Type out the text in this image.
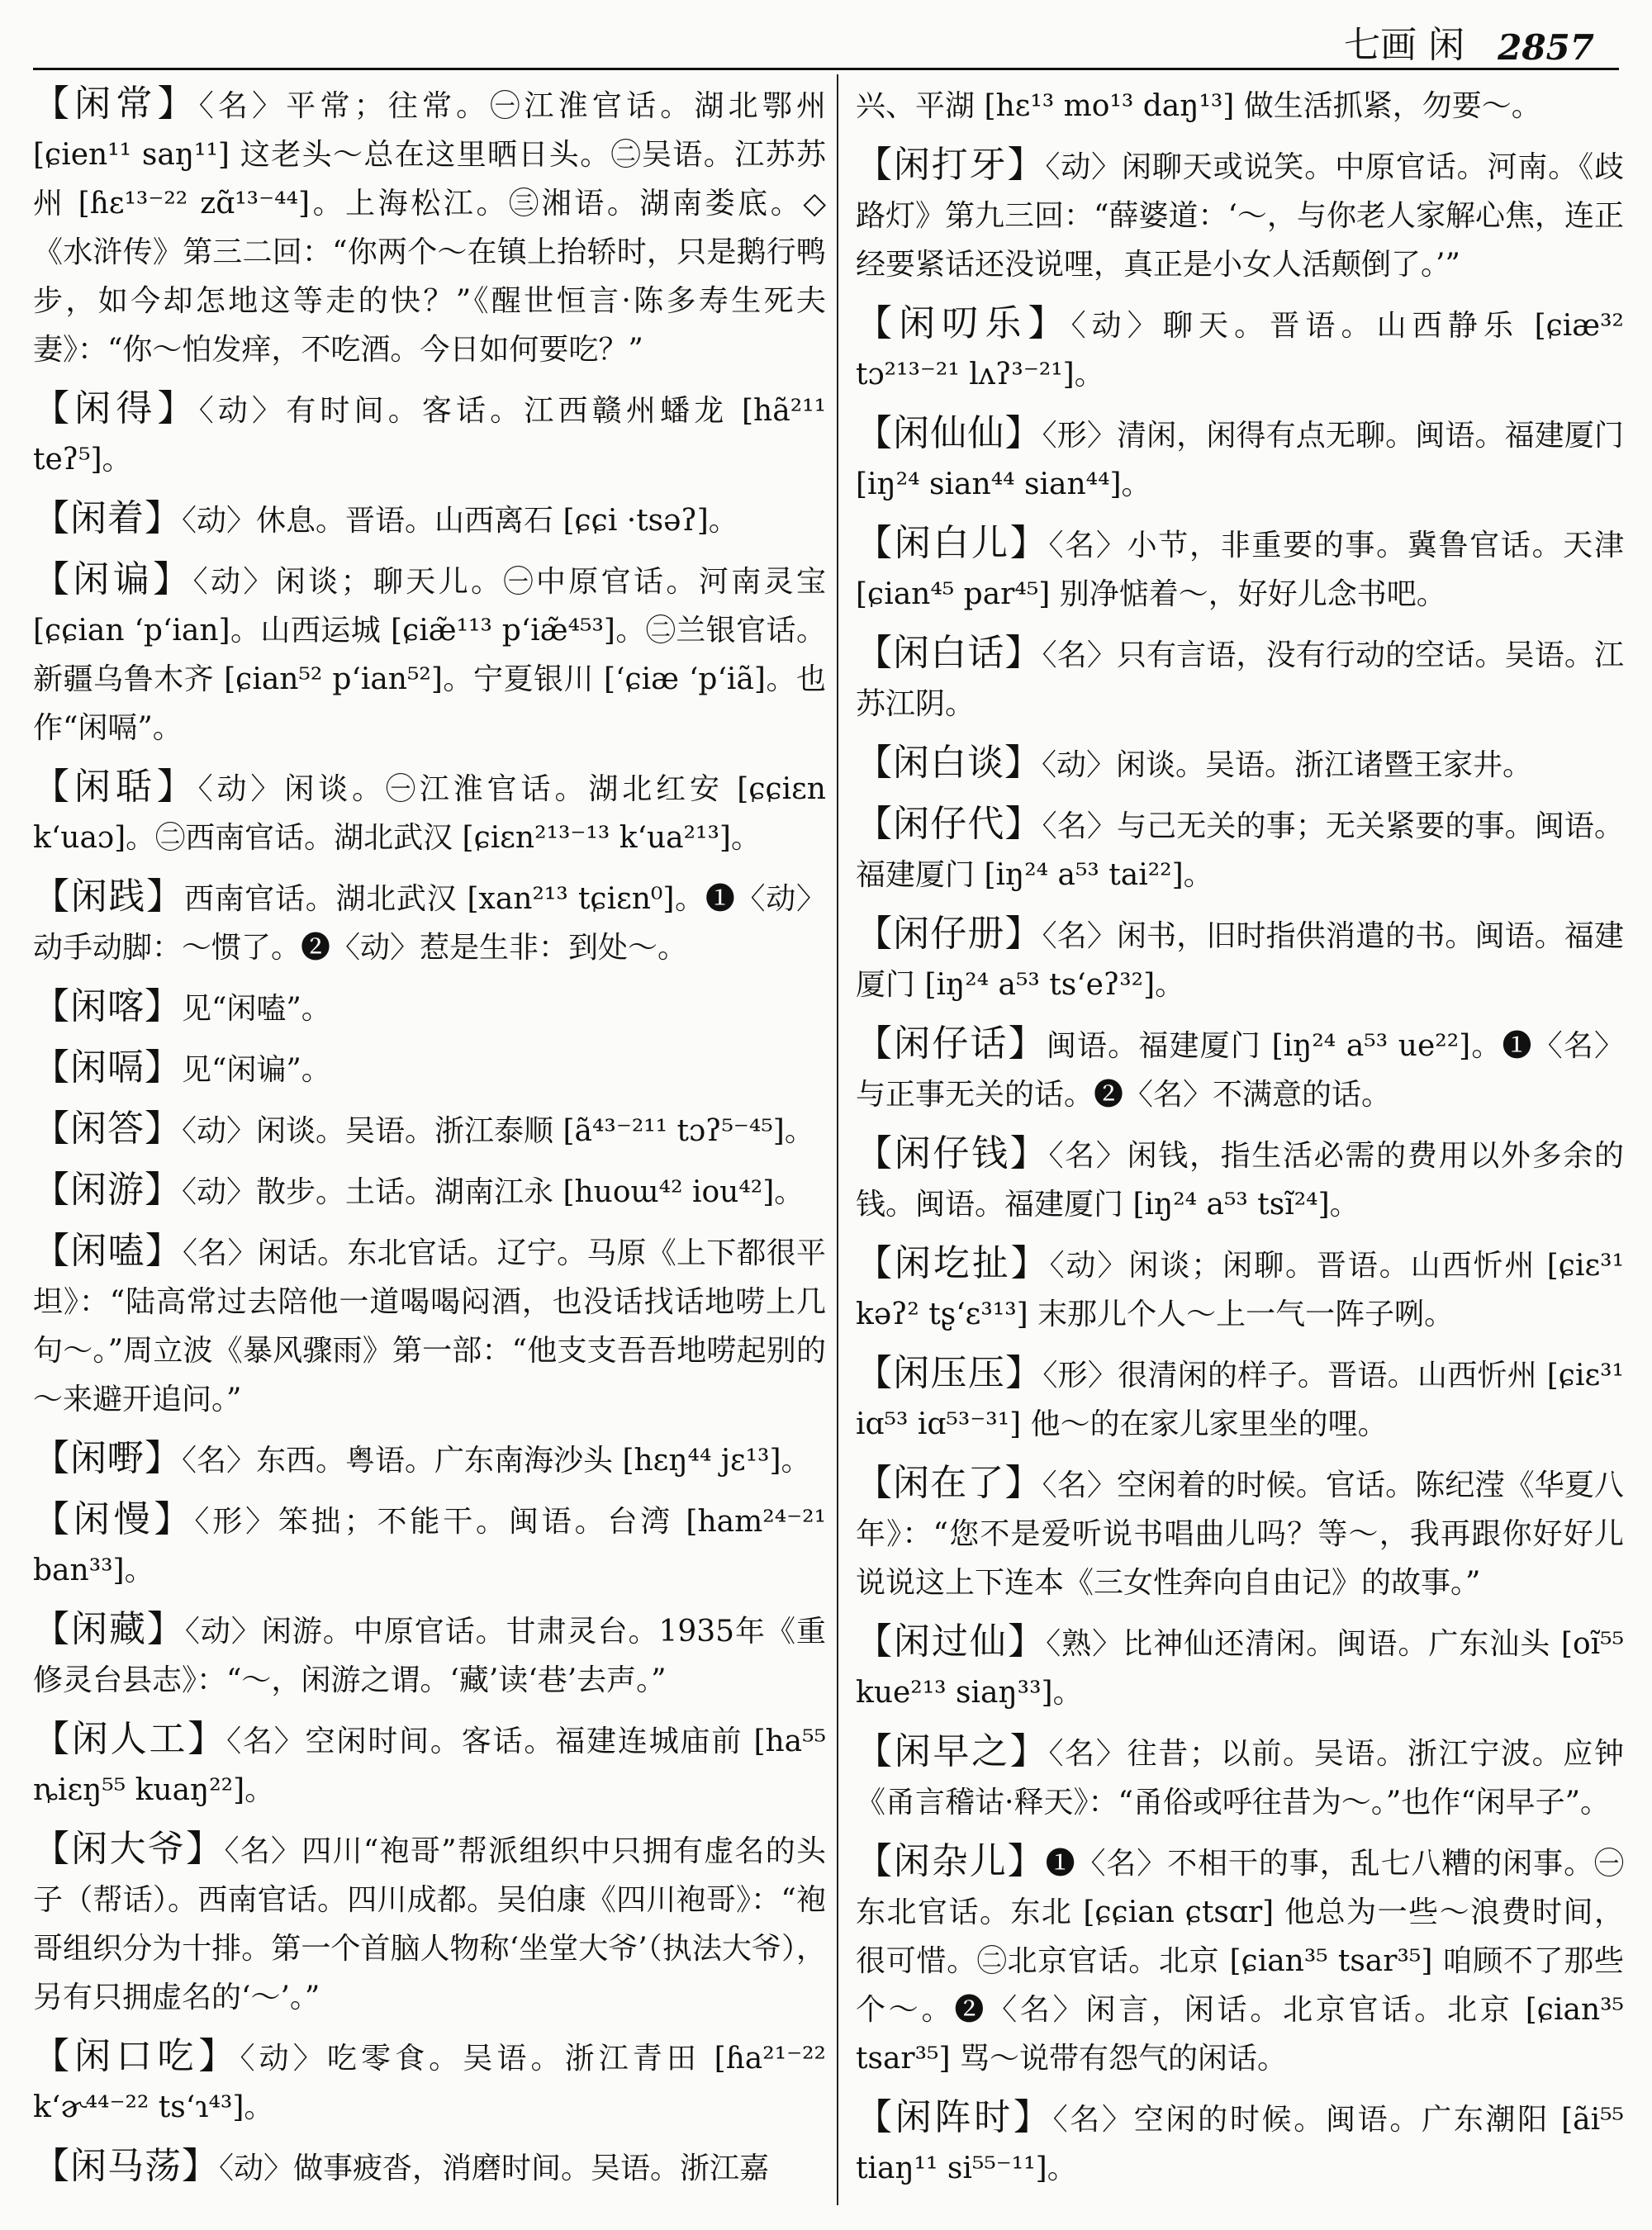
七画 闲 2857
【闲常】〈名〉平常；往常。㊀江淮官话。湖北鄂州 [ɕien¹¹ saŋ¹¹] 这老头～总在这里晒日头。㊁吴语。江苏苏州 [ɦɛ¹³⁻²² zɑ̃¹³⁻⁴⁴]。上海松江。㊂湘语。湖南娄底。◇《水浒传》第三二回：“你两个～在镇上抬轿时，只是鹅行鸭步，如今却怎地这等走的快？”《醒世恒言·陈多寿生死夫妻》：“你～怕发痒，不吃酒。今日如何要吃？”
【闲得】〈动〉有时间。客话。江西赣州蟠龙 [hã²¹¹ teʔ⁵]。
【闲着】〈动〉休息。晋语。山西离石 [ɕɕi ·tsəʔ]。
【闲谝】〈动〉闲谈；聊天儿。㊀中原官话。河南灵宝 [ɕɕian ʻpʻian]。山西运城 [ɕiæ̃¹¹³ pʻiæ̃⁴⁵³]。㊁兰银官话。新疆乌鲁木齐 [ɕian⁵² pʻian⁵²]。宁夏银川 [ʻɕiæ ʻpʻiã]。也作“闲嗝”。
【闲聒】〈动〉闲谈。㊀江淮官话。湖北红安 [ɕɕiɛn kʻuaɔ]。㊁西南官话。湖北武汉 [ɕiɛn²¹³⁻¹³ kʻua²¹³]。
【闲践】西南官话。湖北武汉 [xan²¹³ tɕiɛn⁰]。❶〈动〉动手动脚：～惯了。❷〈动〉惹是生非：到处～。
【闲喀】见“闲嗑”。
【闲嗝】见“闲谝”。
【闲答】〈动〉闲谈。吴语。浙江泰顺 [ã⁴³⁻²¹¹ tɔʔ⁵⁻⁴⁵]。
【闲游】〈动〉散步。土话。湖南江永 [huoɯ⁴² iou⁴²]。
【闲嗑】〈名〉闲话。东北官话。辽宁。马原《上下都很平坦》：“陆高常过去陪他一道喝喝闷酒，也没话找话地唠上几句～。”周立波《暴风骤雨》第一部：“他支支吾吾地唠起别的～来避开追问。”
【闲嘢】〈名〉东西。粤语。广东南海沙头 [hɛŋ⁴⁴ jɛ¹³]。
【闲慢】〈形〉笨拙；不能干。闽语。台湾 [ham²⁴⁻²¹ ban³³]。
【闲藏】〈动〉闲游。中原官话。甘肃灵台。1935年《重修灵台县志》：“～，闲游之谓。‘藏’读‘巷’去声。”
【闲人工】〈名〉空闲时间。客话。福建连城庙前 [ha⁵⁵ ȵiɛŋ⁵⁵ kuaŋ²²]。
【闲大爷】〈名〉四川“袍哥”帮派组织中只拥有虚名的头子（帮话）。西南官话。四川成都。吴伯康《四川袍哥》：“袍哥组织分为十排。第一个首脑人物称‘坐堂大爷’（执法大爷），另有只拥虚名的‘～’。”
【闲口吃】〈动〉吃零食。吴语。浙江青田 [ɦa²¹⁻²² kʻɚ⁴⁴⁻²² tsʻɿ⁴³]。
【闲马荡】〈动〉做事疲沓，消磨时间。吴语。浙江嘉
兴、平湖 [hɛ¹³ mo¹³ daŋ¹³] 做生活抓紧，勿要～。
【闲打牙】〈动〉闲聊天或说笑。中原官话。河南。《歧路灯》第九三回：“薛婆道：‘～，与你老人家解心焦，连正经要紧话还没说哩，真正是小女人活颠倒了。’”
【闲叨乐】〈动〉聊天。晋语。山西静乐 [ɕiæ³² tɔ²¹³⁻²¹ lʌʔ³⁻²¹]。
【闲仙仙】〈形〉清闲，闲得有点无聊。闽语。福建厦门 [iŋ²⁴ sian⁴⁴ sian⁴⁴]。
【闲白儿】〈名〉小节，非重要的事。冀鲁官话。天津 [ɕian⁴⁵ par⁴⁵] 别净惦着～，好好儿念书吧。
【闲白话】〈名〉只有言语，没有行动的空话。吴语。江苏江阴。
【闲白谈】〈动〉闲谈。吴语。浙江诸暨王家井。
【闲仔代】〈名〉与己无关的事；无关紧要的事。闽语。福建厦门 [iŋ²⁴ a⁵³ tai²²]。
【闲仔册】〈名〉闲书，旧时指供消遣的书。闽语。福建厦门 [iŋ²⁴ a⁵³ tsʻeʔ³²]。
【闲仔话】闽语。福建厦门 [iŋ²⁴ a⁵³ ue²²]。❶〈名〉与正事无关的话。❷〈名〉不满意的话。
【闲仔钱】〈名〉闲钱，指生活必需的费用以外多余的钱。闽语。福建厦门 [iŋ²⁴ a⁵³ tsĩ²⁴]。
【闲圪扯】〈动〉闲谈；闲聊。晋语。山西忻州 [ɕiɛ³¹ kəʔ² tʂʻɛ³¹³] 末那儿个人～上一气一阵子咧。
【闲压压】〈形〉很清闲的样子。晋语。山西忻州 [ɕiɛ³¹ iɑ⁵³ iɑ⁵³⁻³¹] 他～的在家儿家里坐的哩。
【闲在了】〈名〉空闲着的时候。官话。陈纪滢《华夏八年》：“您不是爱听说书唱曲儿吗？等～，我再跟你好好儿说说这上下连本《三女性奔向自由记》的故事。”
【闲过仙】〈熟〉比神仙还清闲。闽语。广东汕头 [oĩ⁵⁵ kue²¹³ siaŋ³³]。
【闲早之】〈名〉往昔；以前。吴语。浙江宁波。应钟《甬言稽诂·释天》：“甬俗或呼往昔为～。”也作“闲早子”。
【闲杂儿】❶〈名〉不相干的事，乱七八糟的闲事。㊀东北官话。东北 [ɕɕian ɕtsɑr] 他总为一些～浪费时间，很可惜。㊁北京官话。北京 [ɕian³⁵ tsar³⁵] 咱顾不了那些个～。❷〈名〉闲言，闲话。北京官话。北京 [ɕian³⁵ tsar³⁵] 骂～说带有怨气的闲话。
【闲阵时】〈名〉空闲的时候。闽语。广东潮阳 [ãi⁵⁵ tiaŋ¹¹ si⁵⁵⁻¹¹]。
